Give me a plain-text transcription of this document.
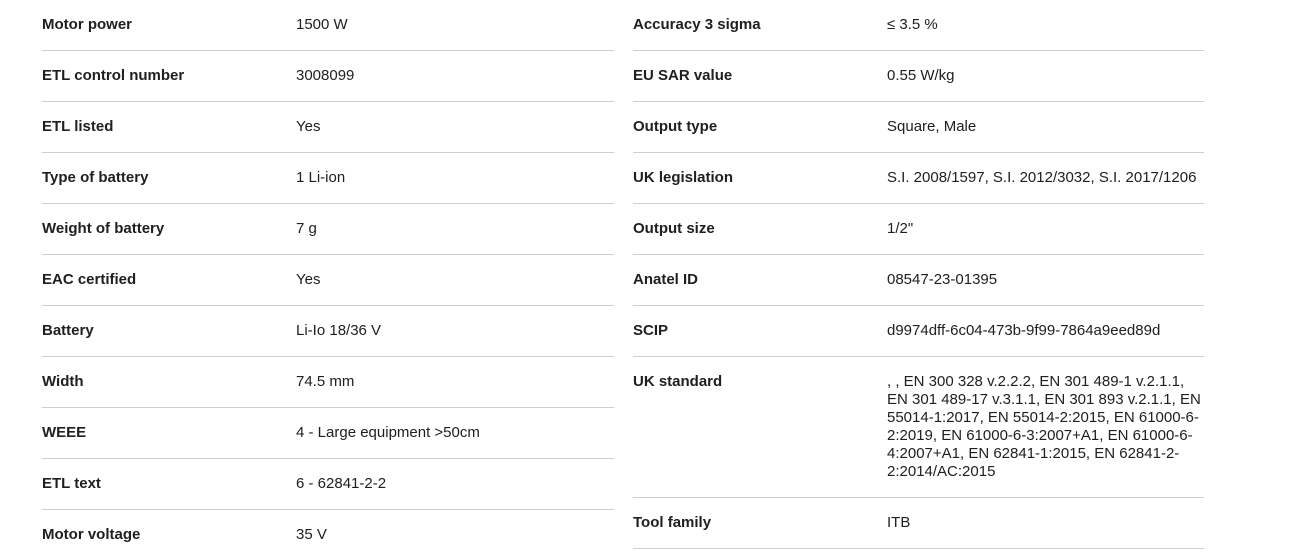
Motor power	1500 W
ETL control number	3008099
ETL listed	Yes
Type of battery	1 Li-ion
Weight of battery	7 g
EAC certified	Yes
Battery	Li-Io 18/36 V
Width	74.5 mm
WEEE	4 - Large equipment >50cm
ETL text	6 - 62841-2-2
Motor voltage	35 V
Accuracy 3 sigma	≤ 3.5 %
EU SAR value	0.55 W/kg
Output type	Square, Male
UK legislation	S.I. 2008/1597, S.I. 2012/3032, S.I. 2017/1206
Output size	1/2"
Anatel ID	08547-23-01395
SCIP	d9974dff-6c04-473b-9f99-7864a9eed89d
UK standard	, , EN 300 328 v.2.2.2, EN 301 489-1 v.2.1.1, EN 301 489-17 v.3.1.1, EN 301 893 v.2.1.1, EN 55014-1:2017, EN 55014-2:2015, EN 61000-6-2:2019, EN 61000-6-3:2007+A1, EN 61000-6-4:2007+A1, EN 62841-1:2015, EN 62841-2-2:2014/AC:2015
Tool family	ITB
